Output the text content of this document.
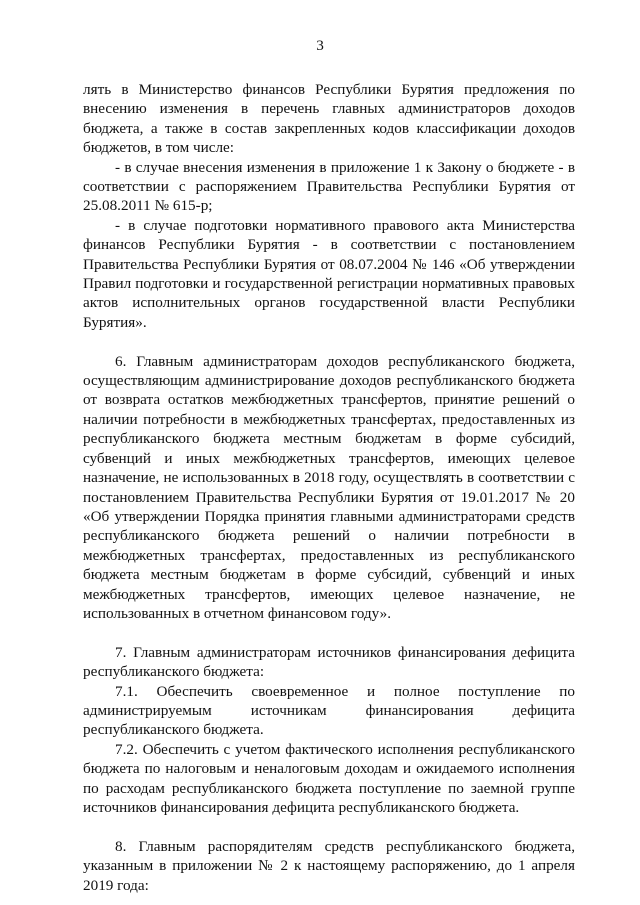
3

лять в Министерство финансов Республики Бурятия предложения по внесению изменения в перечень главных администраторов доходов бюджета, а также в состав закрепленных кодов классификации доходов бюджетов, в том числе:

- в случае внесения изменения в приложение 1 к Закону о бюджете - в соответствии с распоряжением Правительства Республики Бурятия от 25.08.2011 № 615-р;

- в случае подготовки нормативного правового акта Министерства финансов Республики Бурятия - в соответствии с постановлением Правительства Республики Бурятия от 08.07.2004 № 146 «Об утверждении Правил подготовки и государственной регистрации нормативных правовых актов исполнительных органов государственной власти Республики Бурятия».

6. Главным администраторам доходов республиканского бюджета, осуществляющим администрирование доходов республиканского бюджета от возврата остатков межбюджетных трансфертов, принятие решений о наличии потребности в межбюджетных трансфертах, предоставленных из республиканского бюджета местным бюджетам в форме субсидий, субвенций и иных межбюджетных трансфертов, имеющих целевое назначение, не использованных в 2018 году, осуществлять в соответствии с постановлением Правительства Республики Бурятия от 19.01.2017 № 20 «Об утверждении Порядка принятия главными администраторами средств республиканского бюджета решений о наличии потребности в межбюджетных трансфертах, предоставленных из республиканского бюджета местным бюджетам в форме субсидий, субвенций и иных межбюджетных трансфертов, имеющих целевое назначение, не использованных в отчетном финансовом году».

7. Главным администраторам источников финансирования дефицита республиканского бюджета:

7.1. Обеспечить своевременное и полное поступление по администрируемым источникам финансирования дефицита республиканского бюджета.

7.2. Обеспечить с учетом фактического исполнения республиканского бюджета по налоговым и неналоговым доходам и ожидаемого исполнения по расходам республиканского бюджета поступление по заемной группе источников финансирования дефицита республиканского бюджета.

8. Главным распорядителям средств республиканского бюджета, указанным в приложении № 2 к настоящему распоряжению, до 1 апреля 2019 года:
